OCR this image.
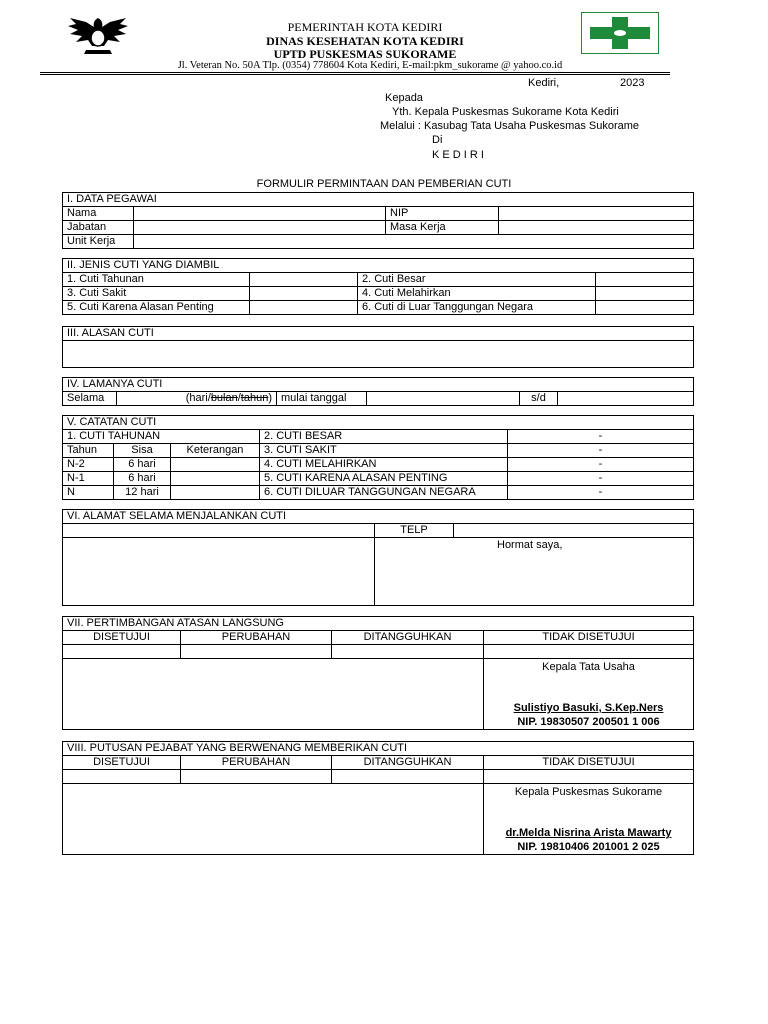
PEMERINTAH KOTA KEDIRI
DINAS KESEHATAN KOTA KEDIRI
UPTD PUSKESMAS SUKORAME
Jl. Veteran No. 50A Tlp. (0354) 778604 Kota Kediri, E-mail:pkm_sukorame @ yahoo.co.id
Kediri,	2023
Kepada
Yth. Kepala Puskesmas Sukorame Kota Kediri
Melalui : Kasubag Tata Usaha Puskesmas Sukorame
Di
K E D I R I
FORMULIR PERMINTAAN DAN PEMBERIAN CUTI
I. DATA PEGAWAI			
Nama		NIP	
Jabatan		Masa Kerja	
Unit Kerja			
II. JENIS CUTI YANG DIAMBIL			
1. Cuti Tahunan		2. Cuti Besar	
3. Cuti Sakit		4. Cuti Melahirkan	
5. Cuti Karena Alasan Penting		6. Cuti di Luar Tanggungan Negara	
III. ALASAN CUTI

IV. LAMANYA CUTI
Selama	(hari/bulan/tahun)	mulai tanggal		s/d	
V. CATATAN CUTI				
1. CUTI TAHUNAN			2. CUTI BESAR	-
Tahun	Sisa	Keterangan	3. CUTI SAKIT	-
N-2	6 hari		4. CUTI MELAHIRKAN	-
N-1	6 hari		5. CUTI KARENA ALASAN PENTING	-
N	12 hari		6. CUTI DILUAR TANGGUNGAN NEGARA	-
VI. ALAMAT SELAMA MENJALANKAN CUTI		
	TELP	

	Hormat saya,	
VII. PERTIMBANGAN ATASAN LANGSUNG			
DISETUJUI	PERUBAHAN	DITANGGUHKAN	TIDAK DISETUJUI

			Kepala Tata Usaha
Sulistiyo Basuki, S.Kep.Ners
NIP. 19830507 200501 1 006
VIII. PUTUSAN PEJABAT YANG BERWENANG MEMBERIKAN CUTI			
DISETUJUI	PERUBAHAN	DITANGGUHKAN	TIDAK DISETUJUI

			Kepala Puskesmas Sukorame
dr.Melda Nisrina Arista Mawarty
NIP. 19810406 201001 2 025
